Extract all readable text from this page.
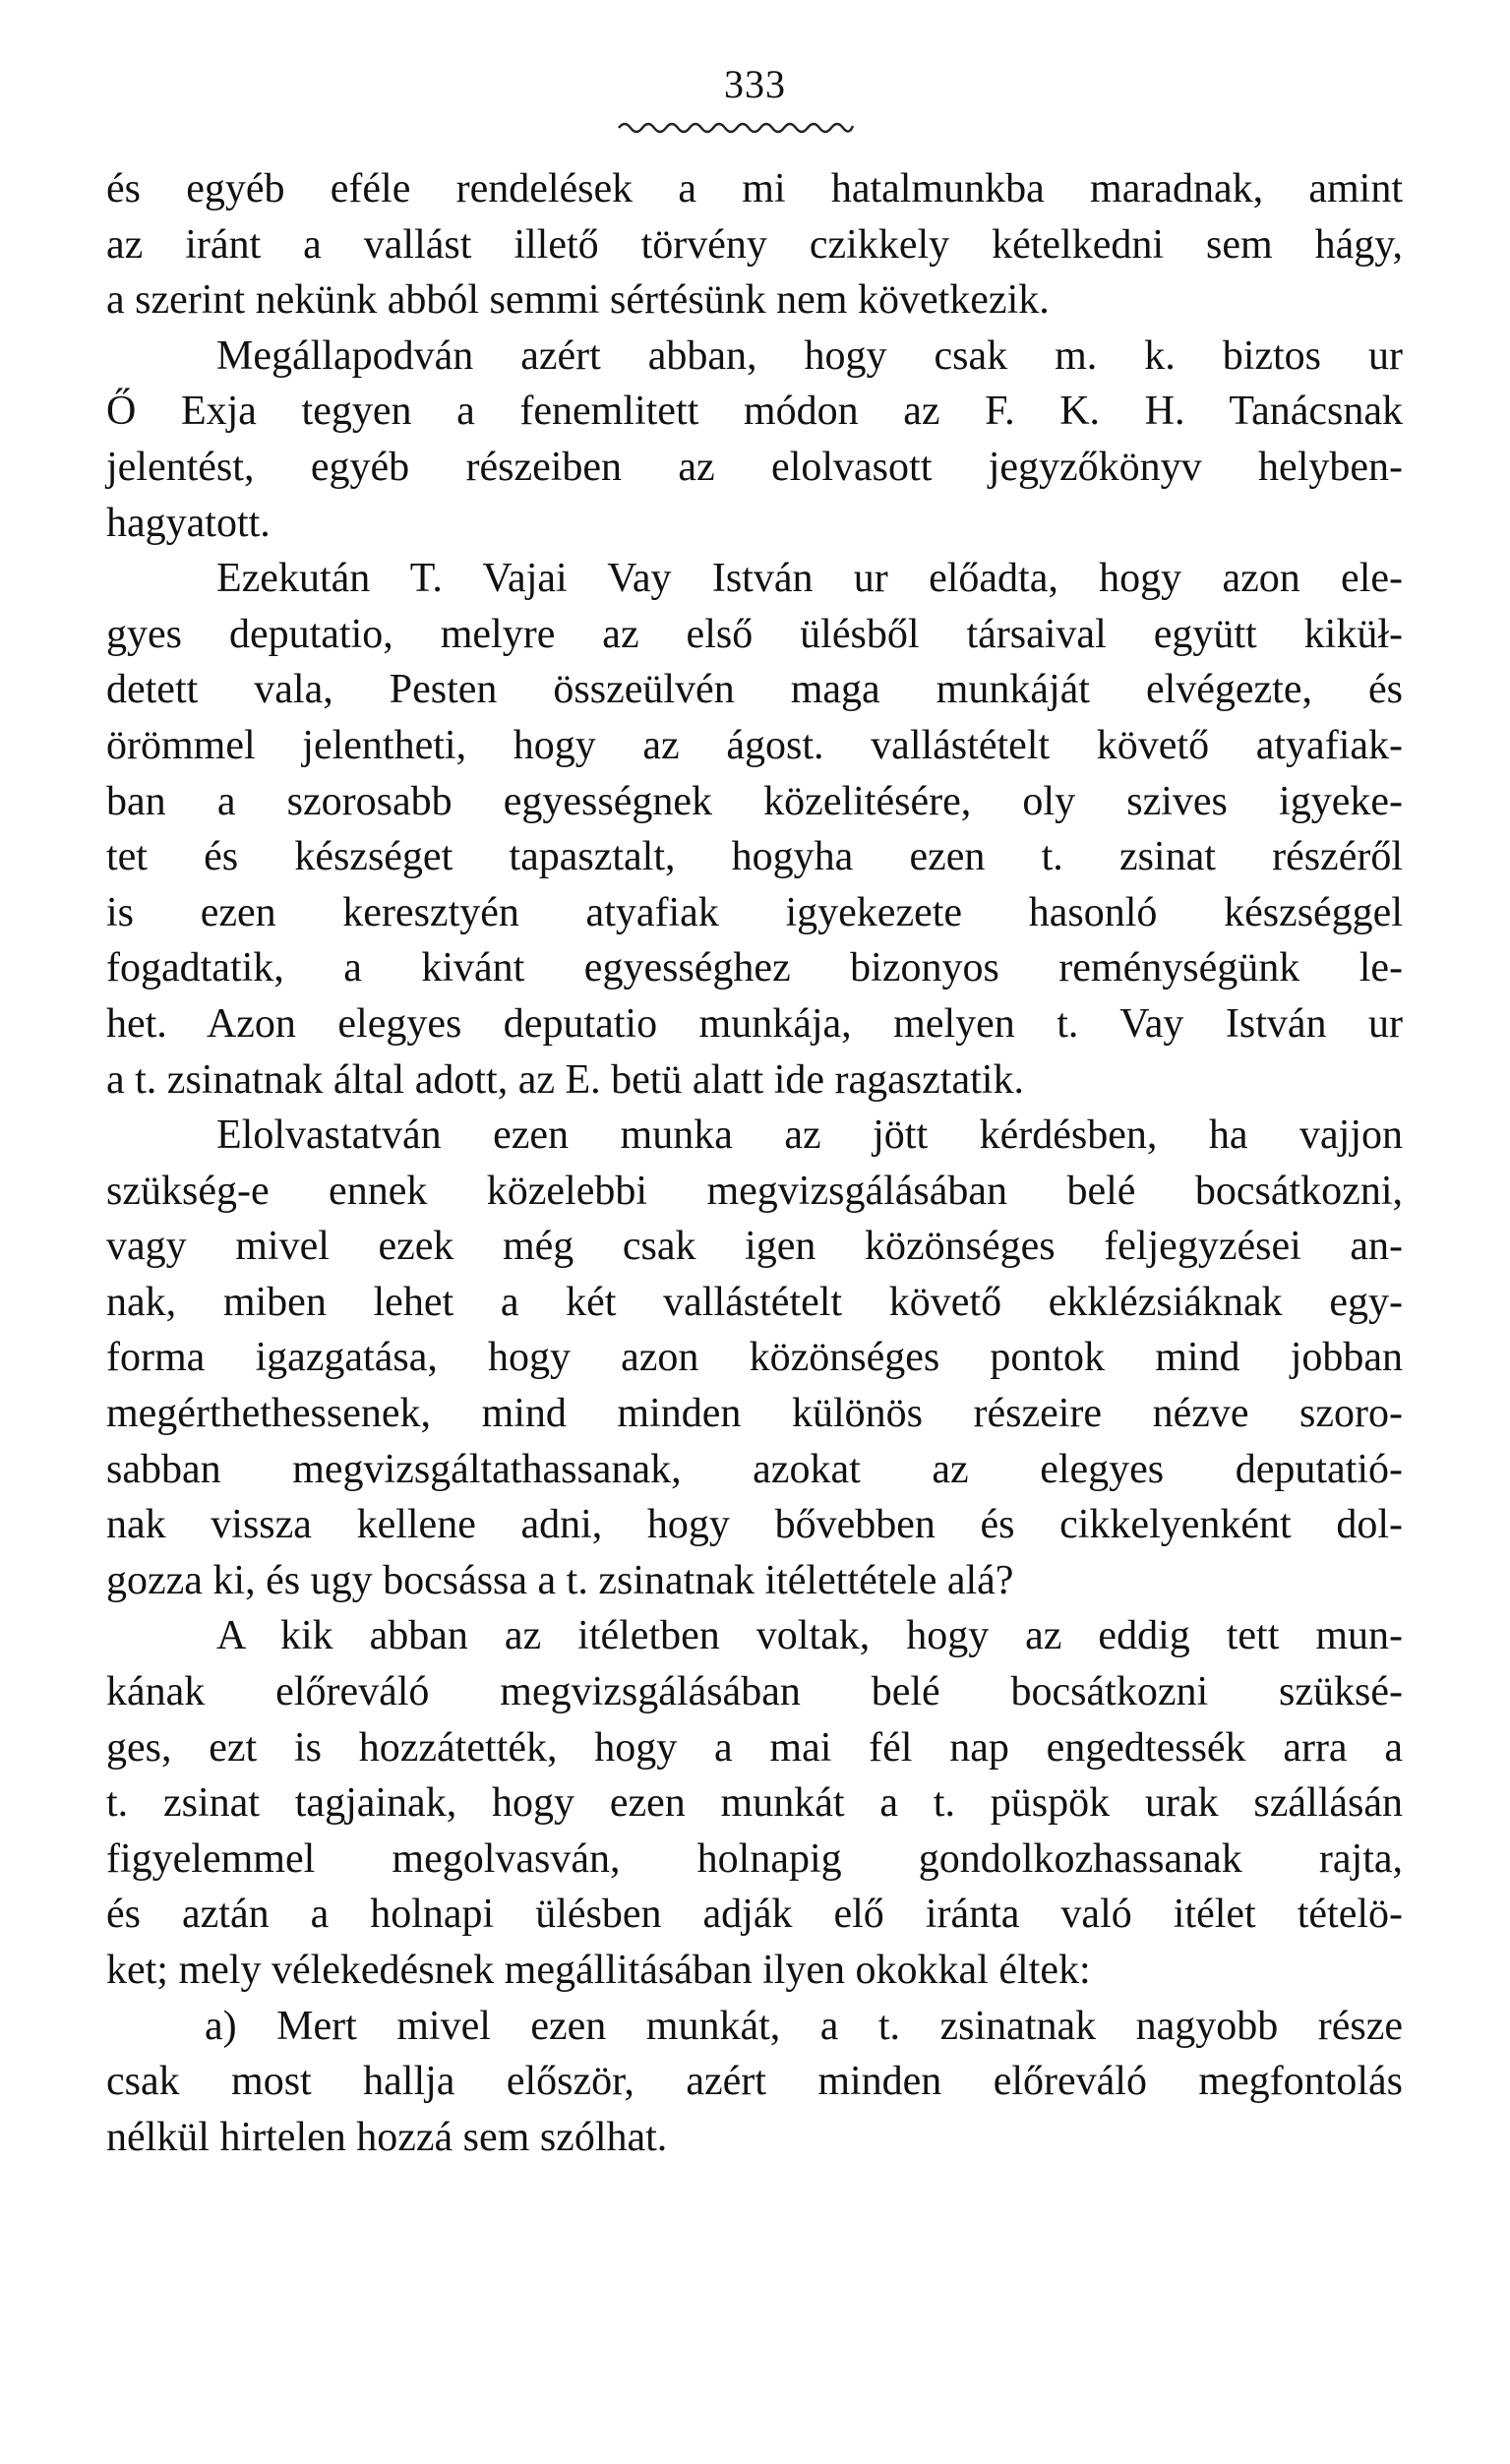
333
és egyéb eféle rendelések a mi hatalmunkba maradnak, amint
az iránt a vallást illető törvény czikkely kételkedni sem hágy,
a szerint nekünk abból semmi sértésünk nem következik.
Megállapodván azért abban, hogy csak m. k. biztos ur
Ő Exja tegyen a fenemlitett módon az F. K. H. Tanácsnak
jelentést, egyéb részeiben az elolvasott jegyzőkönyv helyben-
hagyatott.
Ezekután T. Vajai Vay István ur előadta, hogy azon ele-
gyes deputatio, melyre az első ülésből társaival együtt kiküł-
detett vala, Pesten összeülvén maga munkáját elvégezte, és
örömmel jelentheti, hogy az ágost. vallástételt követő atyafiak-
ban a szorosabb egyességnek közelitésére, oly szives igyeke-
tet és készséget tapasztalt, hogyha ezen t. zsinat részéről
is ezen keresztyén atyafiak igyekezete hasonló készséggel
fogadtatik, a kivánt egyességhez bizonyos reménységünk le-
het. Azon elegyes deputatio munkája, melyen t. Vay István ur
a t. zsinatnak által adott, az E. betü alatt ide ragasztatik.
Elolvastatván ezen munka az jött kérdésben, ha vajjon
szükség-e ennek közelebbi megvizsgálásában belé bocsátkozni,
vagy mivel ezek még csak igen közönséges feljegyzései an-
nak, miben lehet a két vallástételt követő ekklézsiáknak egy-
forma igazgatása, hogy azon közönséges pontok mind jobban
megérthethessenek, mind minden különös részeire nézve szoro-
sabban megvizsgáltathassanak, azokat az elegyes deputatió-
nak vissza kellene adni, hogy bővebben és cikkelyenként dol-
gozza ki, és ugy bocsássa a t. zsinatnak itélettétele alá?
A kik abban az itéletben voltak, hogy az eddig tett mun-
kának előreváló megvizsgálásában belé bocsátkozni szüksé-
ges, ezt is hozzátették, hogy a mai fél nap engedtessék arra a
t. zsinat tagjainak, hogy ezen munkát a t. püspök urak szállásán
figyelemmel megolvasván, holnapig gondolkozhassanak rajta,
és aztán a holnapi ülésben adják elő iránta való itélet tételö-
ket; mely vélekedésnek megállitásában ilyen okokkal éltek:
a) Mert mivel ezen munkát, a t. zsinatnak nagyobb része
csak most hallja először, azért minden előreváló megfontolás
nélkül hirtelen hozzá sem szólhat.
